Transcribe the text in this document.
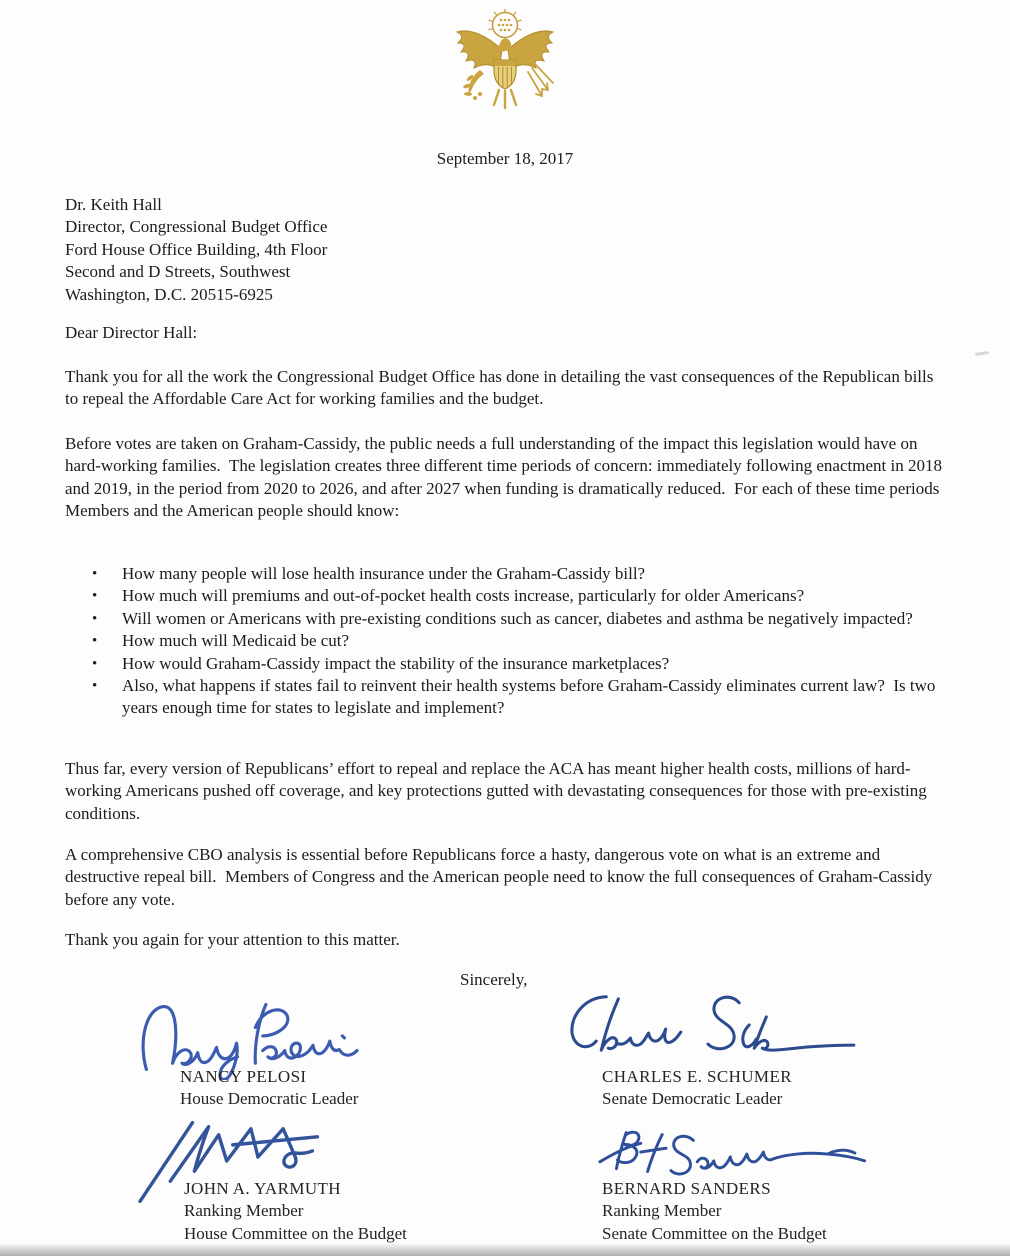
September 18, 2017
Dr. Keith Hall
Director, Congressional Budget Office
Ford House Office Building, 4th Floor
Second and D Streets, Southwest
Washington, D.C. 20515-6925
Dear Director Hall:
Thank you for all the work the Congressional Budget Office has done in detailing the vast consequences of the Republican bills to repeal the Affordable Care Act for working families and the budget.
Before votes are taken on Graham-Cassidy, the public needs a full understanding of the impact this legislation would have on hard-working families.  The legislation creates three different time periods of concern: immediately following enactment in 2018 and 2019, in the period from 2020 to 2026, and after 2027 when funding is dramatically reduced.  For each of these time periods Members and the American people should know:
• How many people will lose health insurance under the Graham-Cassidy bill?
• How much will premiums and out-of-pocket health costs increase, particularly for older Americans?
• Will women or Americans with pre-existing conditions such as cancer, diabetes and asthma be negatively impacted?
• How much will Medicaid be cut?
• How would Graham-Cassidy impact the stability of the insurance marketplaces?
• Also, what happens if states fail to reinvent their health systems before Graham-Cassidy eliminates current law?  Is two years enough time for states to legislate and implement?
Thus far, every version of Republicans’ effort to repeal and replace the ACA has meant higher health costs, millions of hard-working Americans pushed off coverage, and key protections gutted with devastating consequences for those with pre-existing conditions.
A comprehensive CBO analysis is essential before Republicans force a hasty, dangerous vote on what is an extreme and destructive repeal bill.  Members of Congress and the American people need to know the full consequences of Graham-Cassidy before any vote.
Thank you again for your attention to this matter.
Sincerely,
NANCY PELOSI
House Democratic Leader
CHARLES E. SCHUMER
Senate Democratic Leader
JOHN A. YARMUTH
Ranking Member
House Committee on the Budget
BERNARD SANDERS
Ranking Member
Senate Committee on the Budget
